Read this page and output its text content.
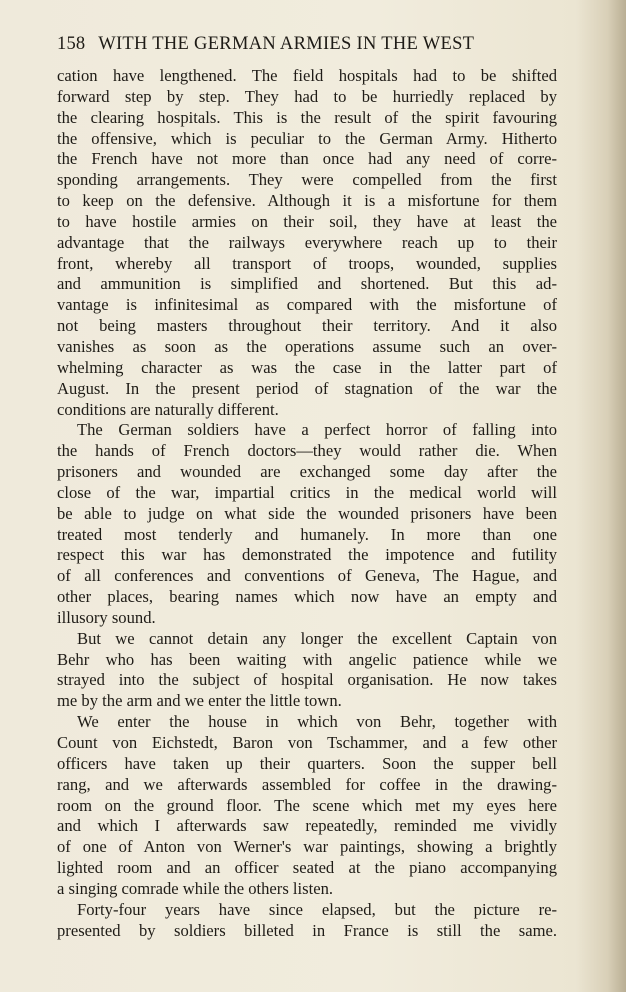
158 WITH THE GERMAN ARMIES IN THE WEST
cation have lengthened. The field hospitals had to be shifted
forward step by step. They had to be hurriedly replaced by
the clearing hospitals. This is the result of the spirit favouring
the offensive, which is peculiar to the German Army. Hitherto
the French have not more than once had any need of corre-
sponding arrangements. They were compelled from the first
to keep on the defensive. Although it is a misfortune for them
to have hostile armies on their soil, they have at least the
advantage that the railways everywhere reach up to their
front, whereby all transport of troops, wounded, supplies
and ammunition is simplified and shortened. But this ad-
vantage is infinitesimal as compared with the misfortune of
not being masters throughout their territory. And it also
vanishes as soon as the operations assume such an over-
whelming character as was the case in the latter part of
August. In the present period of stagnation of the war the
conditions are naturally different.
The German soldiers have a perfect horror of falling into
the hands of French doctors—they would rather die. When
prisoners and wounded are exchanged some day after the
close of the war, impartial critics in the medical world will
be able to judge on what side the wounded prisoners have been
treated most tenderly and humanely. In more than one
respect this war has demonstrated the impotence and futility
of all conferences and conventions of Geneva, The Hague, and
other places, bearing names which now have an empty and
illusory sound.
But we cannot detain any longer the excellent Captain von
Behr who has been waiting with angelic patience while we
strayed into the subject of hospital organisation. He now takes
me by the arm and we enter the little town.
We enter the house in which von Behr, together with
Count von Eichstedt, Baron von Tschammer, and a few other
officers have taken up their quarters. Soon the supper bell
rang, and we afterwards assembled for coffee in the drawing-
room on the ground floor. The scene which met my eyes here
and which I afterwards saw repeatedly, reminded me vividly
of one of Anton von Werner's war paintings, showing a brightly
lighted room and an officer seated at the piano accompanying
a singing comrade while the others listen.
Forty-four years have since elapsed, but the picture re-
presented by soldiers billeted in France is still the same.
